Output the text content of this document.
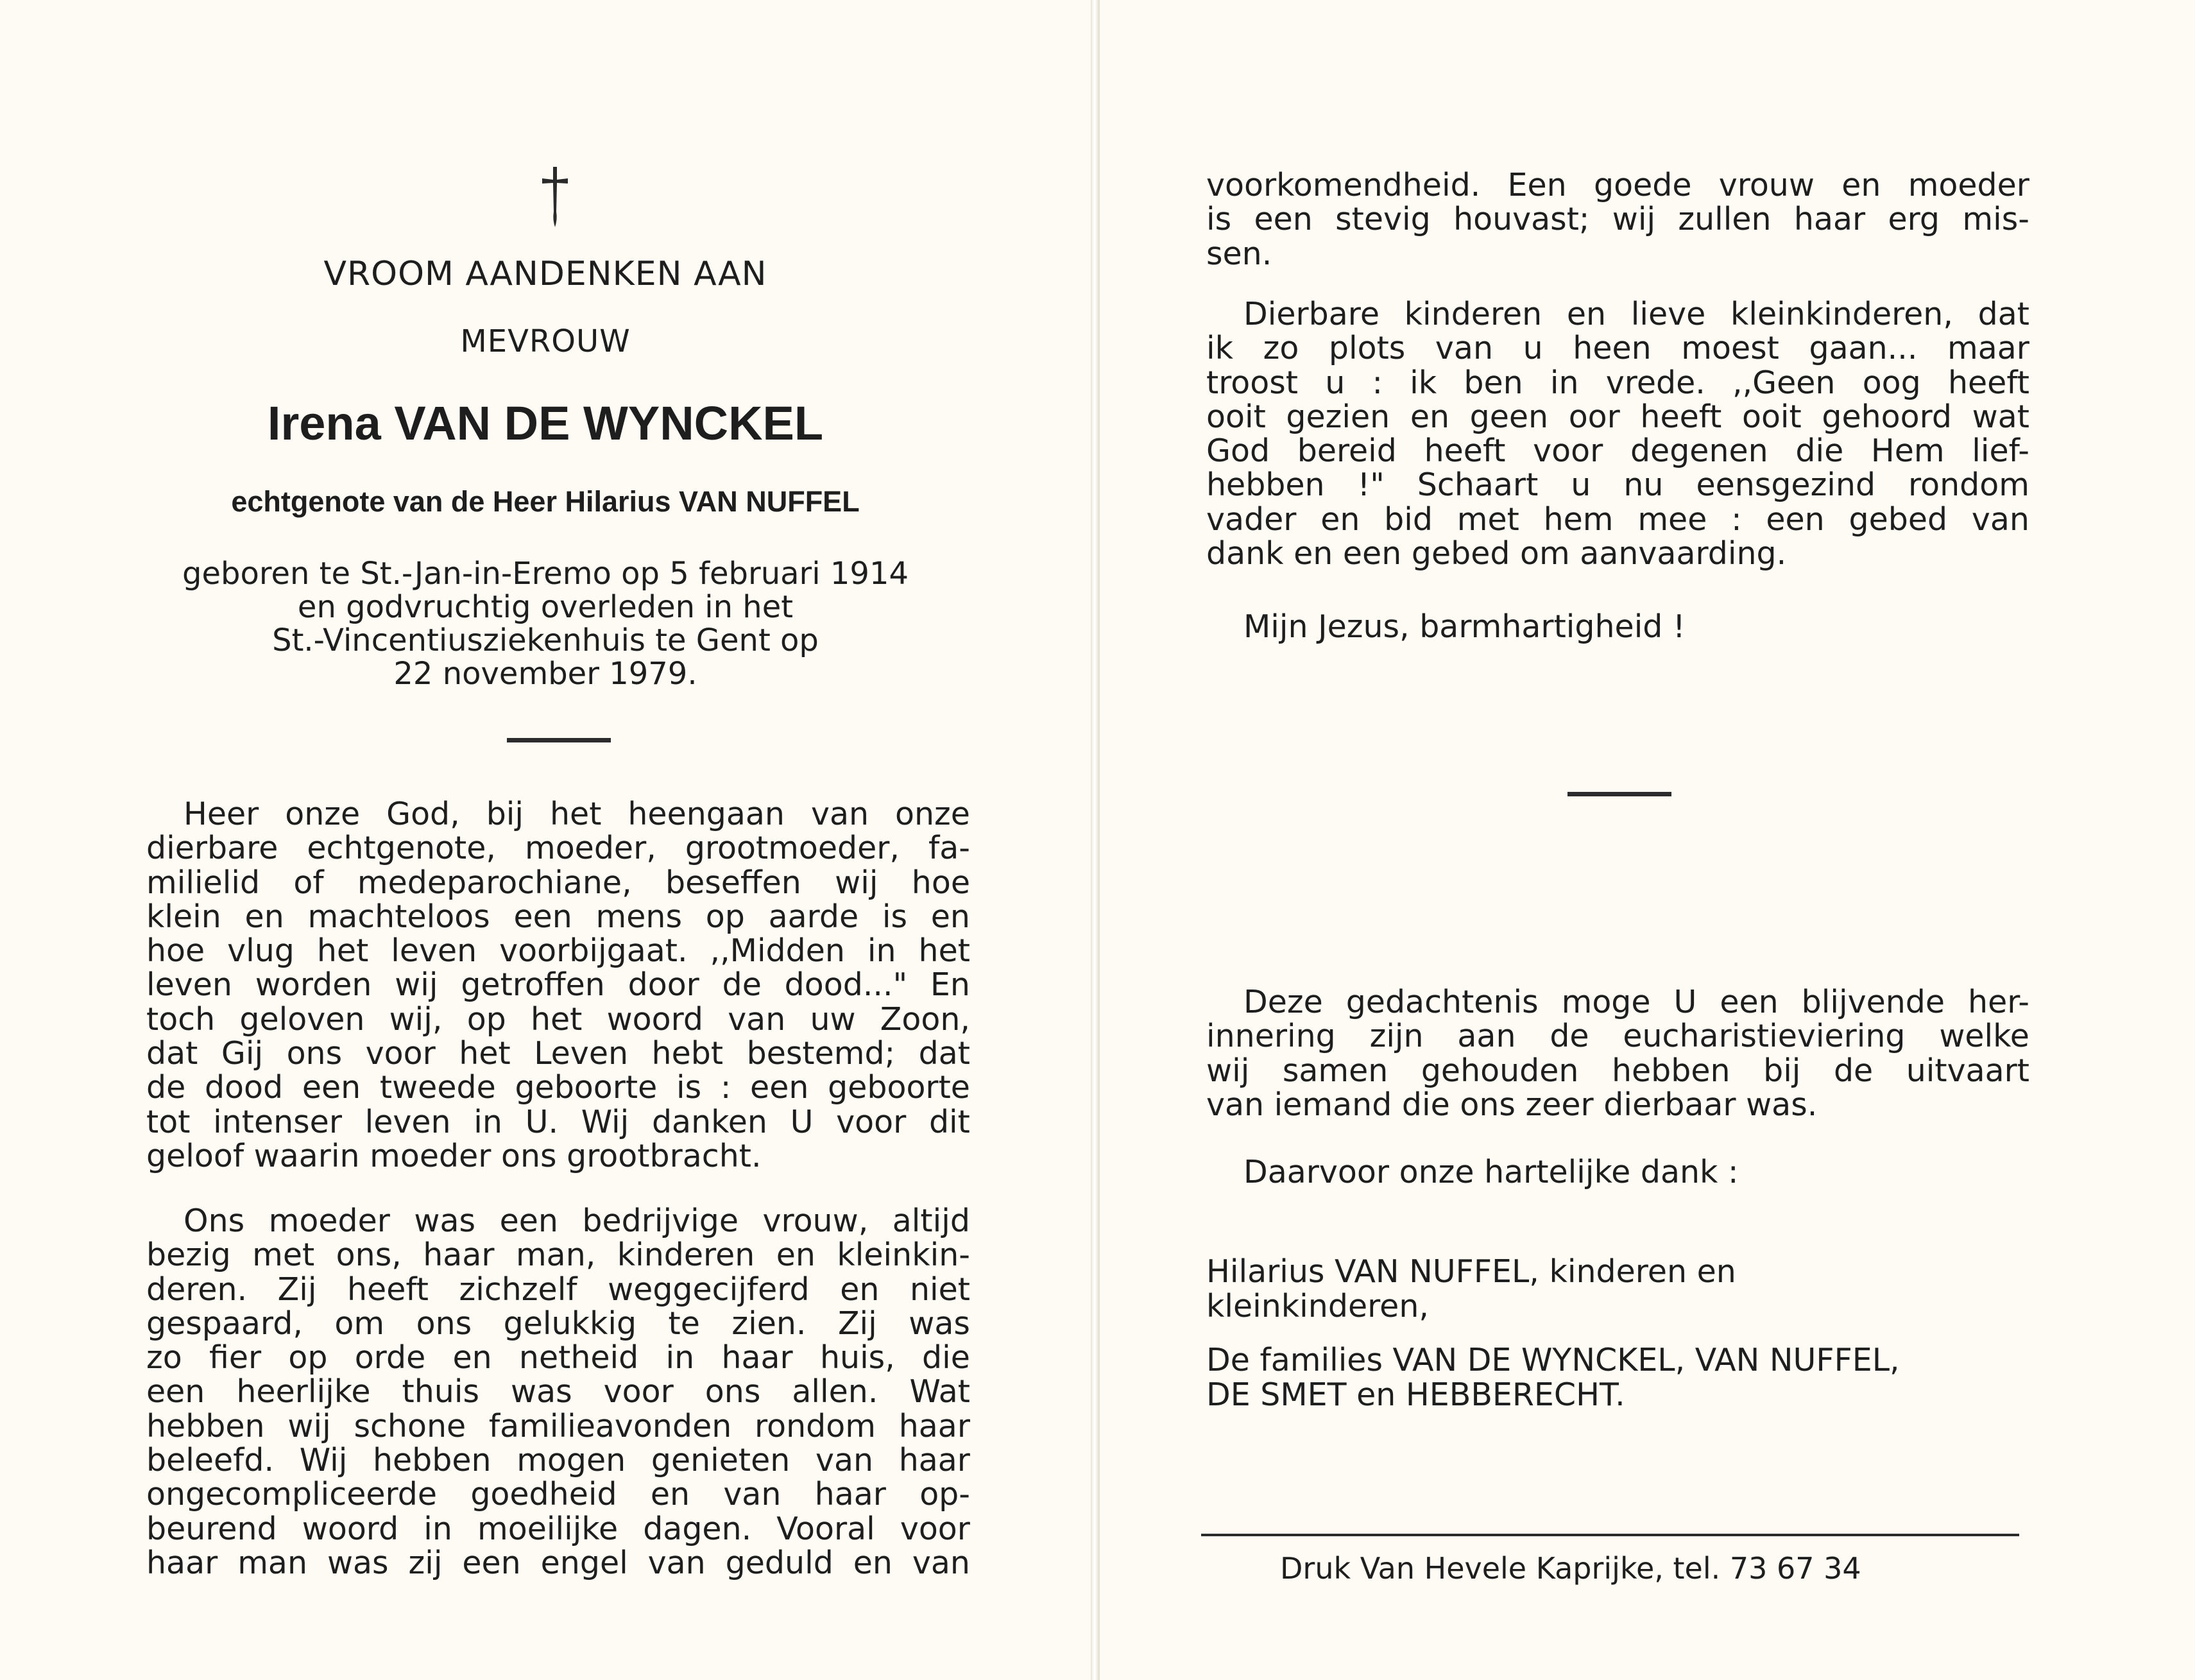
VROOM AANDENKEN AAN
MEVROUW
Irena VAN DE WYNCKEL
echtgenote van de Heer Hilarius VAN NUFFEL
geboren te St.-Jan-in-Eremo op 5 februari 1914
en godvruchtig overleden in het
St.-Vincentiusziekenhuis te Gent op
22 november 1979.
Heer onze God, bij het heengaan van onze
dierbare echtgenote, moeder, grootmoeder, fa-
milielid of medeparochiane, beseffen wij hoe
klein en machteloos een mens op aarde is en
hoe vlug het leven voorbijgaat. ,,Midden in het
leven worden wij getroffen door de dood..." En
toch geloven wij, op het woord van uw Zoon,
dat Gij ons voor het Leven hebt bestemd; dat
de dood een tweede geboorte is : een geboorte
tot intenser leven in U. Wij danken U voor dit
geloof waarin moeder ons grootbracht.
Ons moeder was een bedrijvige vrouw, altijd
bezig met ons, haar man, kinderen en kleinkin-
deren. Zij heeft zichzelf weggecijferd en niet
gespaard, om ons gelukkig te zien. Zij was
zo fier op orde en netheid in haar huis, die
een heerlijke thuis was voor ons allen. Wat
hebben wij schone familieavonden rondom haar
beleefd. Wij hebben mogen genieten van haar
ongecompliceerde goedheid en van haar op-
beurend woord in moeilijke dagen. Vooral voor
haar man was zij een engel van geduld en van
voorkomendheid. Een goede vrouw en moeder
is een stevig houvast; wij zullen haar erg mis-
sen.
Dierbare kinderen en lieve kleinkinderen, dat
ik zo plots van u heen moest gaan... maar
troost u : ik ben in vrede. ,,Geen oog heeft
ooit gezien en geen oor heeft ooit gehoord wat
God bereid heeft voor degenen die Hem lief-
hebben !" Schaart u nu eensgezind rondom
vader en bid met hem mee : een gebed van
dank en een gebed om aanvaarding.
Mijn Jezus, barmhartigheid !
Deze gedachtenis moge U een blijvende her-
innering zijn aan de eucharistieviering welke
wij samen gehouden hebben bij de uitvaart
van iemand die ons zeer dierbaar was.
Daarvoor onze hartelijke dank :
Hilarius VAN NUFFEL, kinderen en
kleinkinderen,
De families VAN DE WYNCKEL, VAN NUFFEL,
DE SMET en HEBBERECHT.
Druk Van Hevele Kaprijke, tel. 73 67 34
